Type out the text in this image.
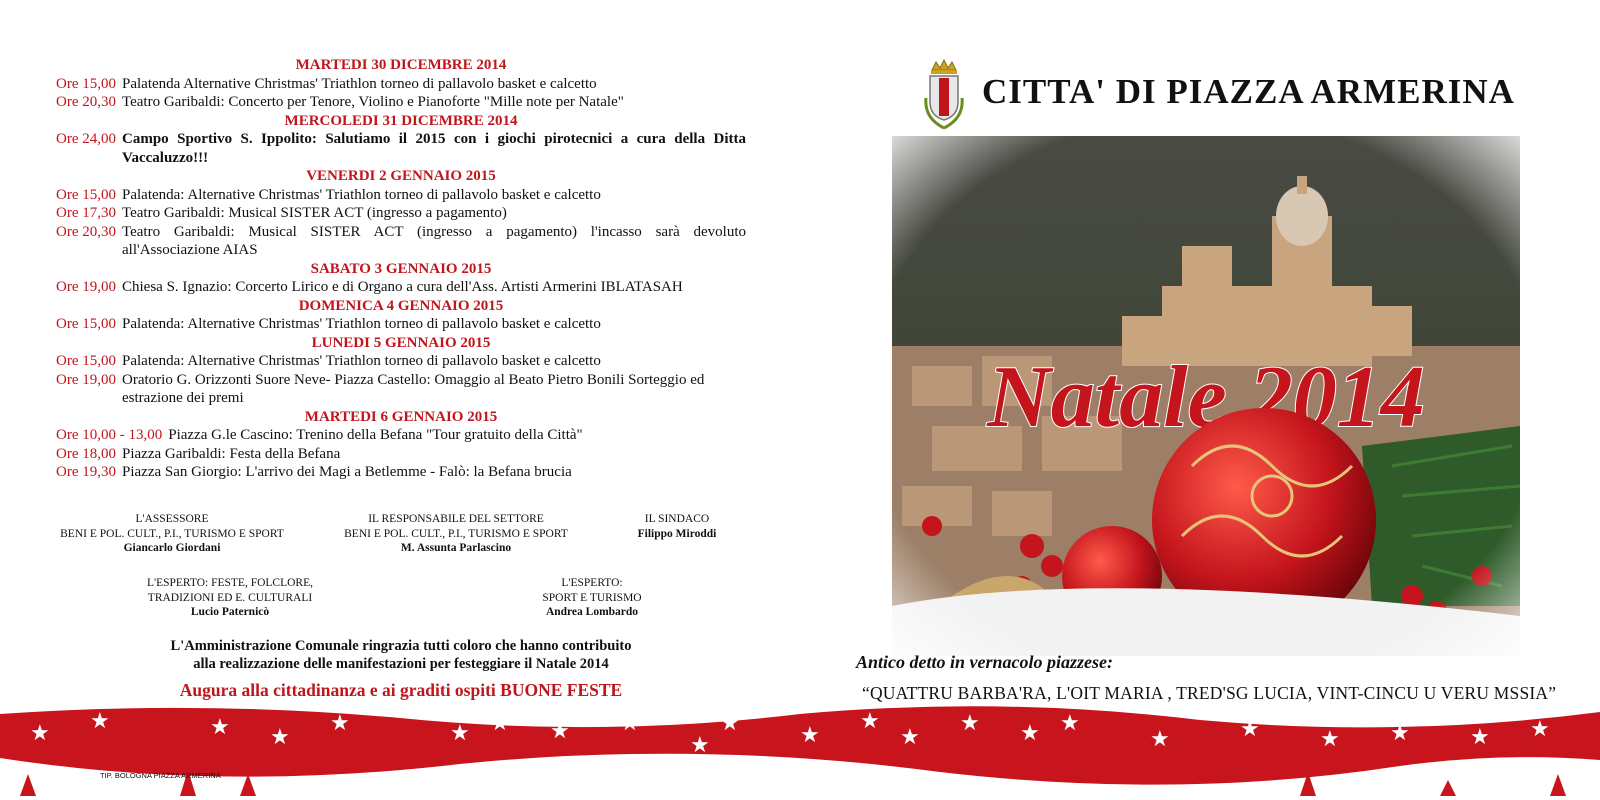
MARTEDI 30 DICEMBRE 2014
Ore 15,00 Palatenda Alternative Christmas' Triathlon torneo di pallavolo basket e calcetto
Ore 20,30 Teatro Garibaldi: Concerto per Tenore, Violino e Pianoforte "Mille note per Natale"
MERCOLEDI 31 DICEMBRE 2014
Ore 24,00 Campo Sportivo S. Ippolito: Salutiamo il 2015 con i giochi pirotecnici a cura della Ditta Vaccaluzzo!!!
VENERDI 2 GENNAIO 2015
Ore 15,00 Palatenda: Alternative Christmas' Triathlon torneo di pallavolo basket e calcetto
Ore 17,30 Teatro Garibaldi: Musical SISTER ACT (ingresso a pagamento)
Ore 20,30 Teatro Garibaldi: Musical SISTER ACT (ingresso a pagamento) l'incasso sarà devoluto all'Associazione AIAS
SABATO 3 GENNAIO 2015
Ore 19,00 Chiesa S. Ignazio: Corcerto Lirico e di Organo a cura dell'Ass. Artisti Armerini IBLATASAH
DOMENICA 4 GENNAIO 2015
Ore 15,00 Palatenda: Alternative Christmas' Triathlon torneo di pallavolo basket e calcetto
LUNEDI 5 GENNAIO 2015
Ore 15,00 Palatenda: Alternative Christmas' Triathlon torneo di pallavolo basket e calcetto
Ore 19,00 Oratorio G. Orizzonti Suore Neve- Piazza Castello: Omaggio al Beato Pietro Bonili Sorteggio ed estrazione dei premi
MARTEDI 6 GENNAIO 2015
Ore 10,00 - 13,00 Piazza G.le Cascino: Trenino della Befana "Tour gratuito della Città"
Ore 18,00 Piazza Garibaldi: Festa della Befana
Ore 19,30 Piazza San Giorgio: L'arrivo dei Magi a Betlemme - Falò: la Befana brucia
L'ASSESSORE
BENI E POL. CULT., P.I., TURISMO E SPORT
Giancarlo Giordani
IL RESPONSABILE DEL SETTORE
BENI E POL. CULT., P.I., TURISMO E SPORT
M. Assunta Parlascino
IL SINDACO
Filippo Miroddi
L'ESPERTO: FESTE, FOLCLORE,
TRADIZIONI ED E. CULTURALI
Lucio Paternicò
L'ESPERTO:
SPORT E TURISMO
Andrea Lombardo
L'Amministrazione Comunale ringrazia tutti coloro che hanno contribuito
alla realizzazione delle manifestazioni per festeggiare il Natale 2014
Augura alla cittadinanza e ai graditi ospiti BUONE FESTE
CITTA' DI PIAZZA ARMERINA
Antico detto in vernacolo piazzese:
“QUATTRU BARBA'RA, L'OIT MARIA , TRED'SG LUCIA, VINT-CINCU U VERU MSSIA”
★ ★	★ ★
★	★ ★ ★ ★
★
★	★
★
★
★ ★ ★
★	★	★ ★	★ ★
❄ ❄	❄ ❄
TIP. BOLOGNA PIAZZA ARMERINA
